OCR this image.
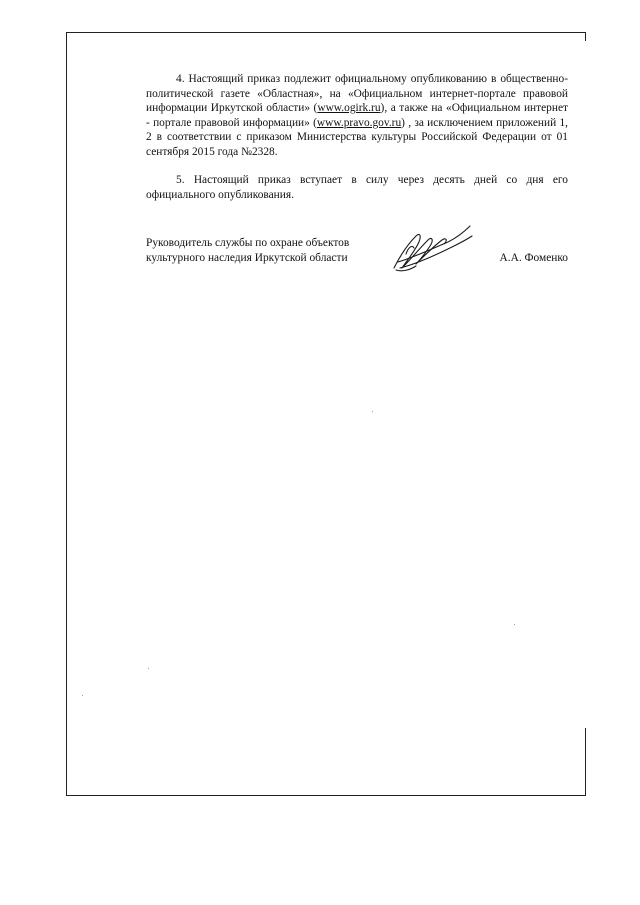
4. Настоящий приказ подлежит официальному опубликованию в общественно-политической газете «Областная», на «Официальном интернет-портале правовой информации Иркутской области» (www.ogirk.ru), а также на «Официальном интернет - портале правовой информации» (www.pravo.gov.ru) , за исключением приложений 1, 2 в соответствии с приказом Министерства культуры Российской Федерации от 01 сентября 2015 года №2328.

5. Настоящий приказ вступает в силу через десять дней со дня его официального опубликования.

Руководитель службы по охране объектов
культурного наследия Иркутской области	А.А. Фоменко
